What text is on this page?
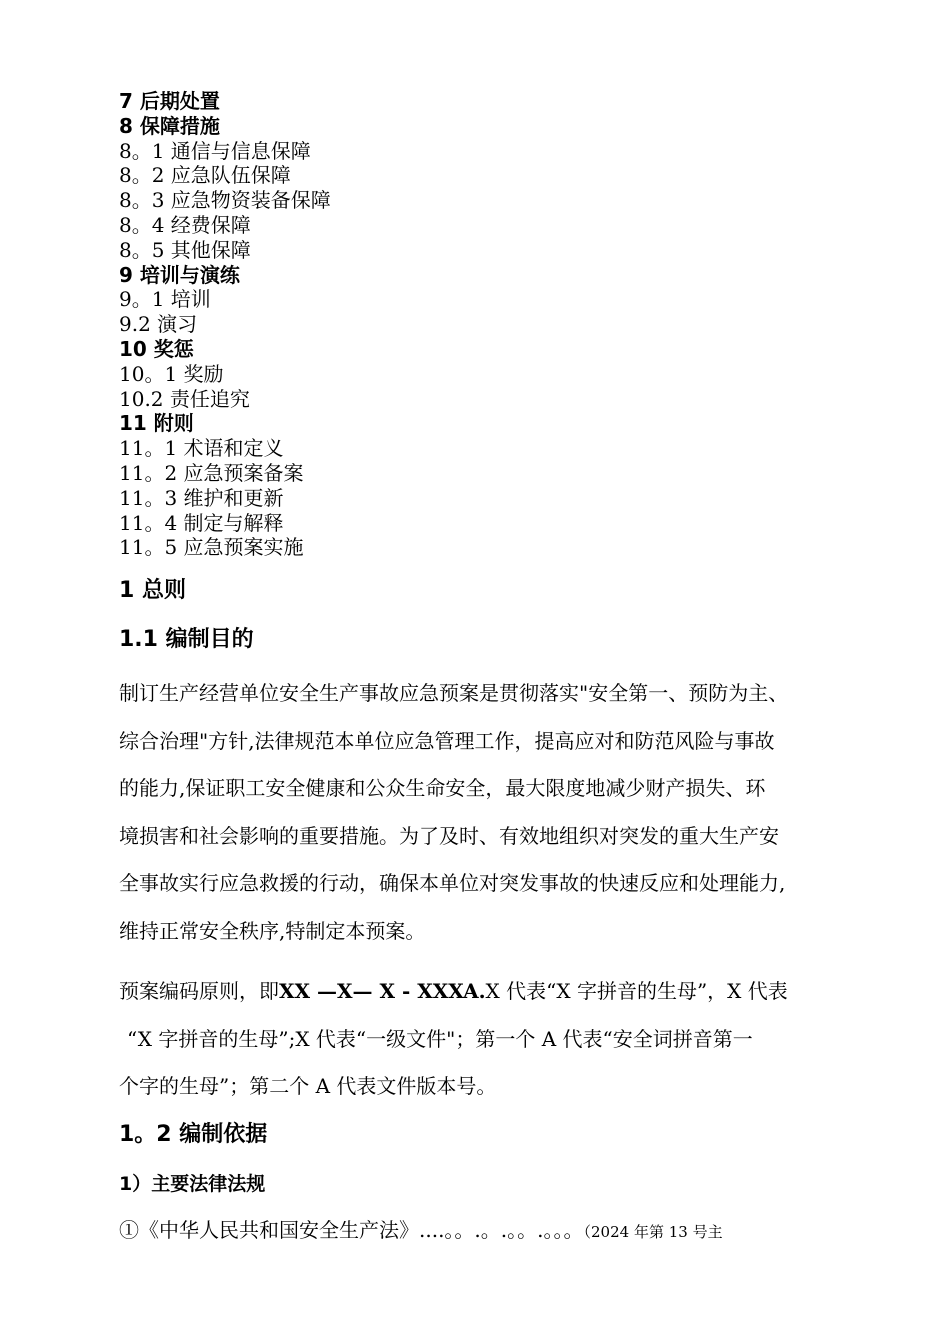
7 后期处置
8 保障措施
8。1 通信与信息保障
8。2 应急队伍保障
8。3 应急物资装备保障
8。4 经费保障
8。5 其他保障
9 培训与演练
9。1 培训
9.2 演习
10 奖惩
10。1 奖励
10.2 责任追究
11 附则
11。1 术语和定义
11。2 应急预案备案
11。3 维护和更新
11。4 制定与解释
11。5 应急预案实施
1 总则
1.1 编制目的
制订生产经营单位安全生产事故应急预案是贯彻落实"安全第一、预防为主、
综合治理"方针,法律规范本单位应急管理工作，提高应对和防范风险与事故
的能力,保证职工安全健康和公众生命安全，最大限度地减少财产损失、环
境损害和社会影响的重要措施。为了及时、有效地组织对突发的重大生产安
全事故实行应急救援的行动，确保本单位对突发事故的快速反应和处理能力,
维持正常安全秩序,特制定本预案。
预案编码原则，即XX —X— X - XXXA.X 代表“X 字拼音的生母”，X 代表
“X 字拼音的生母”;X 代表“一级文件"；第一个 A 代表“安全词拼音第一
个字的生母”；第二个 A 代表文件版本号。
1。2 编制依据
1）主要法律法规
①《中华人民共和国安全生产法》....。。.。.。。.。。。（2024 年第 13 号主
